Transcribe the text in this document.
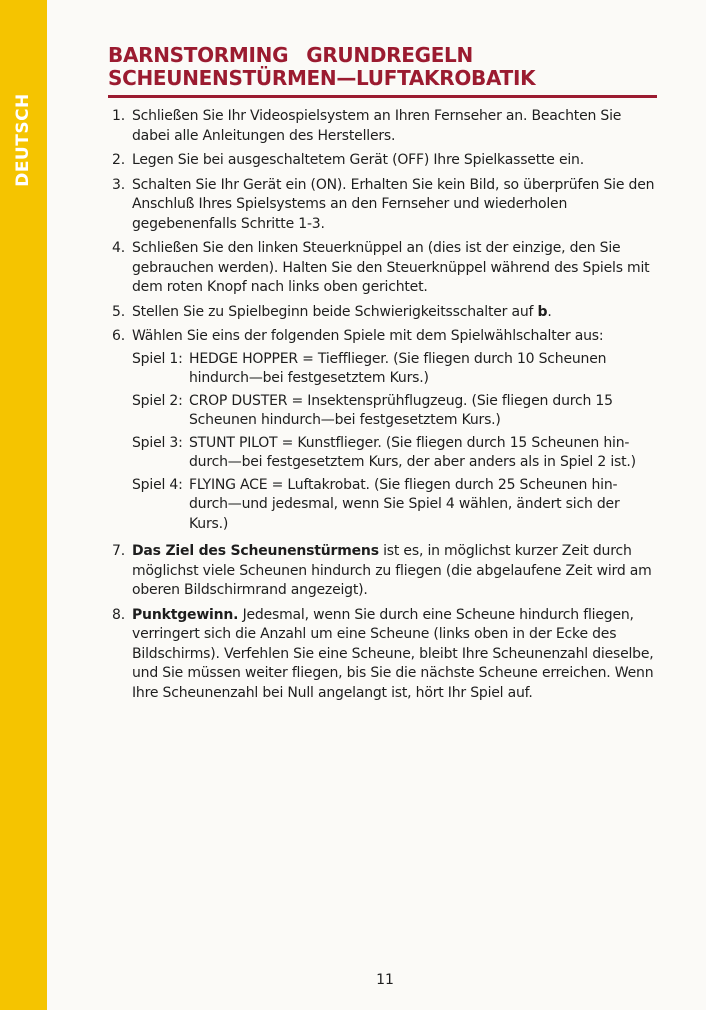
DEUTSCH
BARNSTORMING GRUNDREGELN
SCHEUNENSTÜRMEN—LUFTAKROBATIK
1. Schließen Sie Ihr Videospielsystem an Ihren Fernseher an. Beachten Sie dabei alle Anleitungen des Herstellers.
2. Legen Sie bei ausgeschaltetem Gerät (OFF) Ihre Spielkassette ein.
3. Schalten Sie Ihr Gerät ein (ON). Erhalten Sie kein Bild, so überprüfen Sie den Anschluß Ihres Spielsystems an den Fernseher und wiederholen gegebenenfalls Schritte 1-3.
4. Schließen Sie den linken Steuerknüppel an (dies ist der einzige, den Sie gebrauchen werden). Halten Sie den Steuerknüppel während des Spiels mit dem roten Knopf nach links oben gerichtet.
5. Stellen Sie zu Spielbeginn beide Schwierigkeitsschalter auf b.
6. Wählen Sie eins der folgenden Spiele mit dem Spielwählschalter aus:
Spiel 1: HEDGE HOPPER = Tiefflieger. (Sie fliegen durch 10 Scheunen
hindurch—bei festgesetztem Kurs.)
Spiel 2: CROP DUSTER = Insektensprühflugzeug. (Sie fliegen durch 15
Scheunen hindurch—bei festgesetztem Kurs.)
Spiel 3: STUNT PILOT = Kunstflieger. (Sie fliegen durch 15 Scheunen hin-
durch—bei festgesetztem Kurs, der aber anders als in Spiel 2 ist.)
Spiel 4: FLYING ACE = Luftakrobat. (Sie fliegen durch 25 Scheunen hin-
durch—und jedesmal, wenn Sie Spiel 4 wählen, ändert sich der Kurs.)
7. Das Ziel des Scheunenstürmens ist es, in möglichst kurzer Zeit durch möglichst viele Scheunen hindurch zu fliegen (die abgelaufene Zeit wird am oberen Bildschirmrand angezeigt).
8. Punktgewinn. Jedesmal, wenn Sie durch eine Scheune hindurch fliegen, verringert sich die Anzahl um eine Scheune (links oben in der Ecke des Bildschirms). Verfehlen Sie eine Scheune, bleibt Ihre Scheunenzahl dieselbe, und Sie müssen weiter fliegen, bis Sie die nächste Scheune erreichen. Wenn Ihre Scheunenzahl bei Null angelangt ist, hört Ihr Spiel auf.
11
